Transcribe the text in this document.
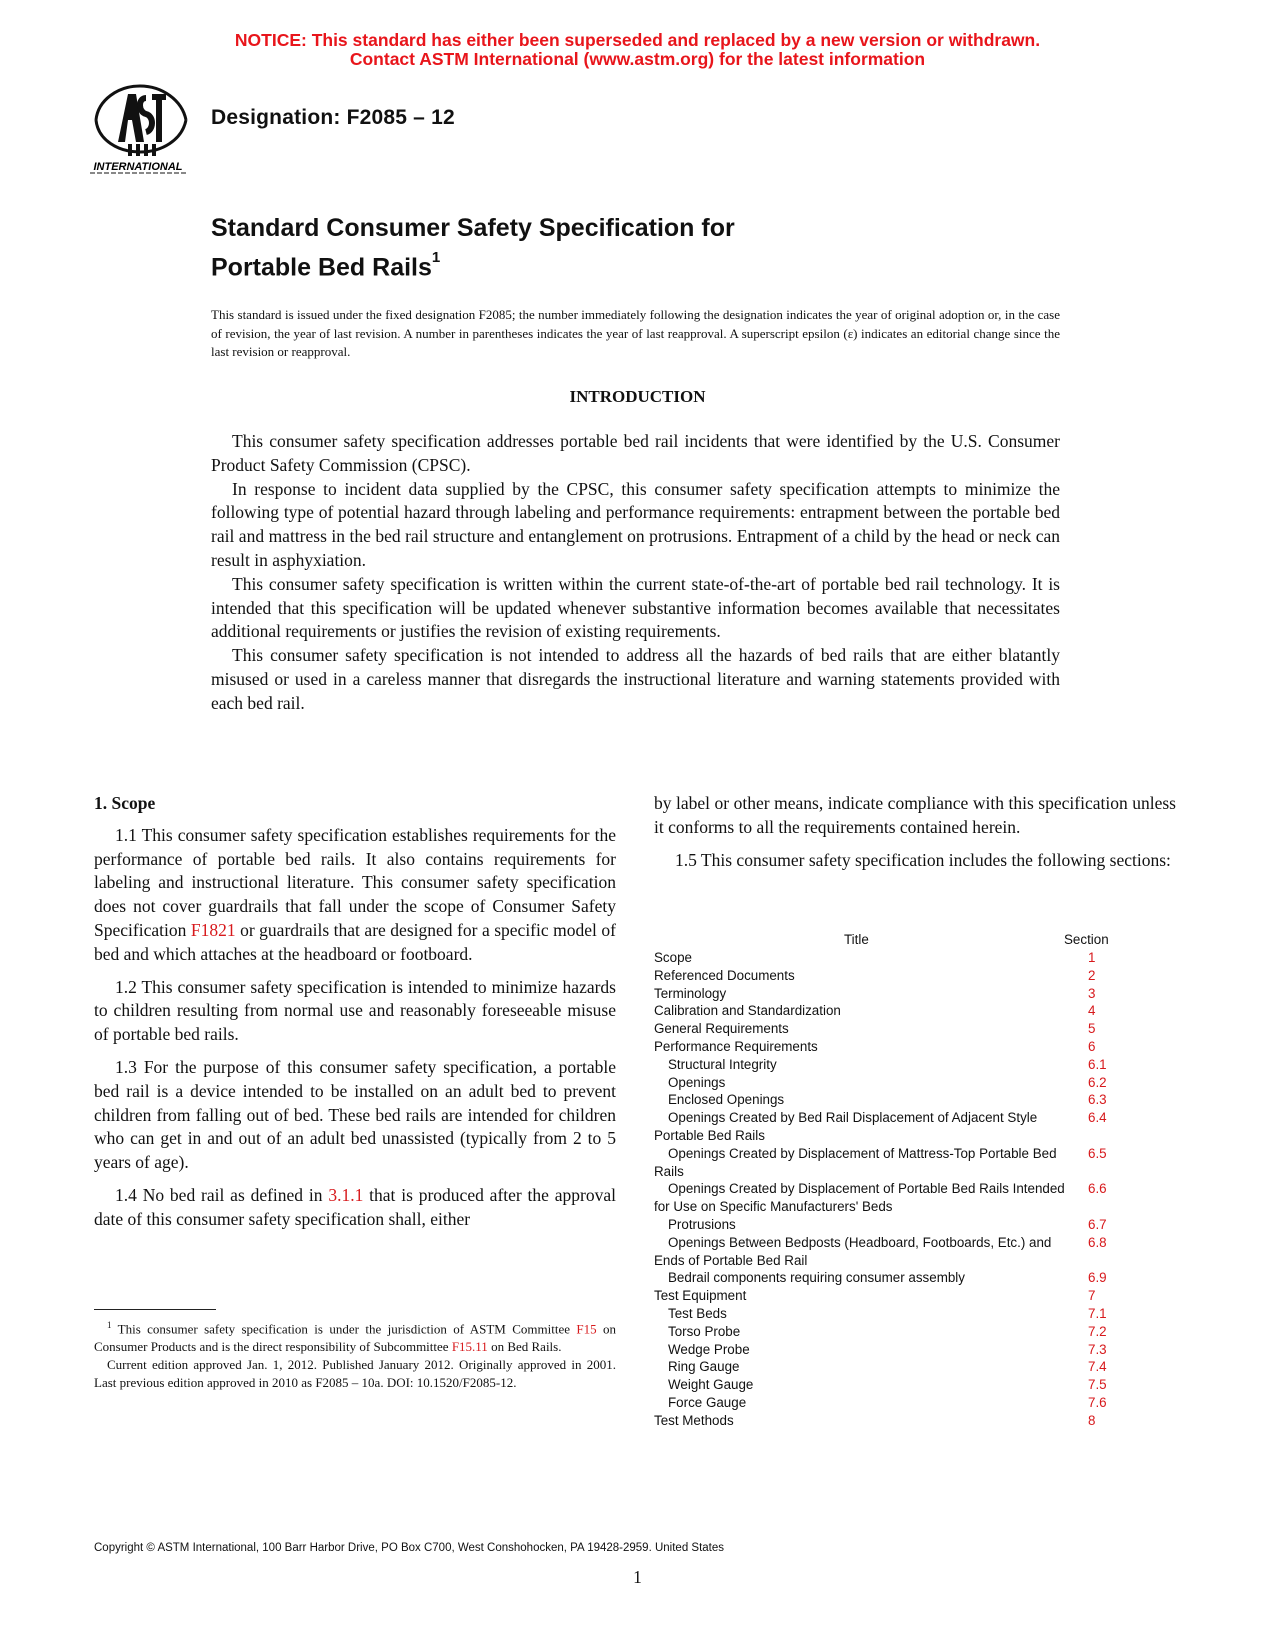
NOTICE: This standard has either been superseded and replaced by a new version or withdrawn.
Contact ASTM International (www.astm.org) for the latest information
INTERNATIONAL
Designation: F2085 – 12
Standard Consumer Safety Specification for
Portable Bed Rails$^1$
This standard is issued under the fixed designation F2085; the number immediately following the designation indicates the year of original adoption or, in the case of revision, the year of last revision. A number in parentheses indicates the year of last reapproval. A superscript epsilon (ε) indicates an editorial change since the last revision or reapproval.
INTRODUCTION

This consumer safety specification addresses portable bed rail incidents that were identified by the U.S. Consumer Product Safety Commission (CPSC).

In response to incident data supplied by the CPSC, this consumer safety specification attempts to minimize the following type of potential hazard through labeling and performance requirements: entrapment between the portable bed rail and mattress in the bed rail structure and entanglement on protrusions. Entrapment of a child by the head or neck can result in asphyxiation.

This consumer safety specification is written within the current state-of-the-art of portable bed rail technology. It is intended that this specification will be updated whenever substantive information becomes available that necessitates additional requirements or justifies the revision of existing requirements.

This consumer safety specification is not intended to address all the hazards of bed rails that are either blatantly misused or used in a careless manner that disregards the instructional literature and warning statements provided with each bed rail.

1. Scope

1.1 This consumer safety specification establishes requirements for the performance of portable bed rails. It also contains requirements for labeling and instructional literature. This consumer safety specification does not cover guardrails that fall under the scope of Consumer Safety Specification F1821 or guardrails that are designed for a specific model of bed and which attaches at the headboard or footboard.

1.2 This consumer safety specification is intended to minimize hazards to children resulting from normal use and reasonably foreseeable misuse of portable bed rails.

1.3 For the purpose of this consumer safety specification, a portable bed rail is a device intended to be installed on an adult bed to prevent children from falling out of bed. These bed rails are intended for children who can get in and out of an adult bed unassisted (typically from 2 to 5 years of age).

1.4 No bed rail as defined in 3.1.1 that is produced after the approval date of this consumer safety specification shall, either

$^1$ This consumer safety specification is under the jurisdiction of ASTM Committee F15 on Consumer Products and is the direct responsibility of Subcommittee F15.11 on Bed Rails.

Current edition approved Jan. 1, 2012. Published January 2012. Originally approved in 2001. Last previous edition approved in 2010 as F2085 – 10a. DOI: 10.1520/F2085-12.

by label or other means, indicate compliance with this specification unless it conforms to all the requirements contained herein.

1.5 This consumer safety specification includes the following sections:

Title	Section
Scope	1
Referenced Documents	2
Terminology	3
Calibration and Standardization	4
General Requirements	5
Performance Requirements	6
Structural Integrity	6.1
Openings	6.2
Enclosed Openings	6.3
Openings Created by Bed Rail Displacement of Adjacent Style Portable Bed Rails
6.4
Openings Created by Displacement of Mattress-Top Portable Bed Rails
6.5
Openings Created by Displacement of Portable Bed Rails Intended for Use on Specific Manufacturers' Beds
6.6
Protrusions	6.7
Openings Between Bedposts (Headboard, Footboards, Etc.) and Ends of Portable Bed Rail
6.8
Bedrail components requiring consumer assembly	6.9
Test Equipment	7
Test Beds	7.1
Torso Probe	7.2
Wedge Probe	7.3
Ring Gauge	7.4
Weight Gauge	7.5
Force Gauge	7.6
Test Methods	8
Copyright © ASTM International, 100 Barr Harbor Drive, PO Box C700, West Conshohocken, PA 19428-2959. United States
1
